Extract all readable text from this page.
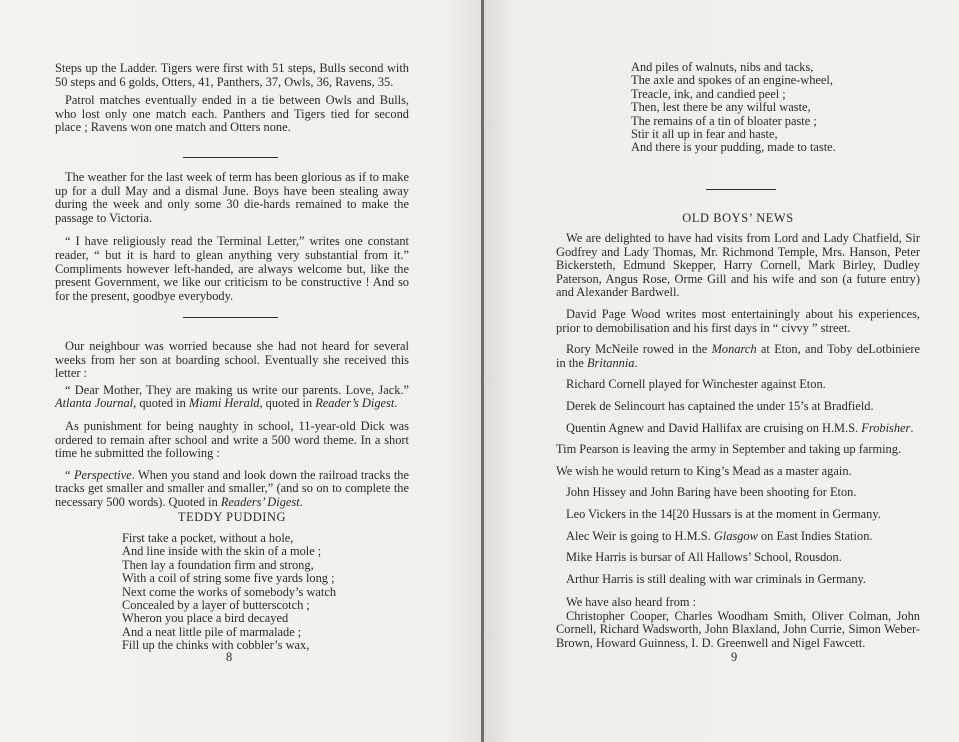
Steps up the Ladder. Tigers were first with 51 steps, Bulls second with 50 steps and 6 golds, Otters, 41, Panthers, 37, Owls, 36, Ravens, 35.

Patrol matches eventually ended in a tie between Owls and Bulls, who lost only one match each. Panthers and Tigers tied for second place ; Ravens won one match and Otters none.

The weather for the last week of term has been glorious as if to make up for a dull May and a dismal June. Boys have been stealing away during the week and only some 30 die-hards remained to make the passage to Victoria.

“ I have religiously read the Terminal Letter,” writes one constant reader, “ but it is hard to glean anything very substantial from it.” Compliments however left-handed, are always welcome but, like the present Government, we like our criticism to be constructive ! And so for the present, goodbye everybody.

Our neighbour was worried because she had not heard for several weeks from her son at boarding school. Eventually she received this letter :

“ Dear Mother, They are making us write our parents. Love, Jack.” Atlanta Journal, quoted in Miami Herald, quoted in Reader’s Digest.

As punishment for being naughty in school, 11-year-old Dick was ordered to remain after school and write a 500 word theme. In a short time he submitted the following :

“ Perspective. When you stand and look down the railroad tracks the tracks get smaller and smaller and smaller,” (and so on to complete the necessary 500 words). Quoted in Readers’ Digest.

TEDDY PUDDING

First take a pocket, without a hole,

And line inside with the skin of a mole ;

Then lay a foundation firm and strong,

With a coil of string some five yards long ;

Next come the works of somebody’s watch

Concealed by a layer of butterscotch ;

Wheron you place a bird decayed

And a neat little pile of marmalade ;

Fill up the chinks with cobbler’s wax,

8

And piles of walnuts, nibs and tacks,

The axle and spokes of an engine-wheel,

Treacle, ink, and candied peel ;

Then, lest there be any wilful waste,

The remains of a tin of bloater paste ;

Stir it all up in fear and haste,

And there is your pudding, made to taste.

OLD BOYS’ NEWS

We are delighted to have had visits from Lord and Lady Chatfield, Sir Godfrey and Lady Thomas, Mr. Richmond Temple, Mrs. Hanson, Peter Bickersteth, Edmund Skepper, Harry Cornell, Mark Birley, Dudley Paterson, Angus Rose, Orme Gill and his wife and son (a future entry) and Alexander Bardwell.

David Page Wood writes most entertainingly about his experiences, prior to demobilisation and his first days in “ civvy ” street.

Rory McNeile rowed in the Monarch at Eton, and Toby deLotbiniere in the Britannia.

Richard Cornell played for Winchester against Eton.

Derek de Selincourt has captained the under 15’s at Bradfield.

Quentin Agnew and David Hallifax are cruising on H.M.S. Frobisher.

Tim Pearson is leaving the army in September and taking up farming.

We wish he would return to King’s Mead as a master again.

John Hissey and John Baring have been shooting for Eton.

Leo Vickers in the 14[20 Hussars is at the moment in Germany.

Alec Weir is going to H.M.S. Glasgow on East Indies Station.

Mike Harris is bursar of All Hallows’ School, Rousdon.

Arthur Harris is still dealing with war criminals in Germany.

We have also heard from :

Christopher Cooper, Charles Woodham Smith, Oliver Colman, John Cornell, Richard Wadsworth, John Blaxland, John Currie, Simon Weber-Brown, Howard Guinness, I. D. Greenwell and Nigel Fawcett.

9
